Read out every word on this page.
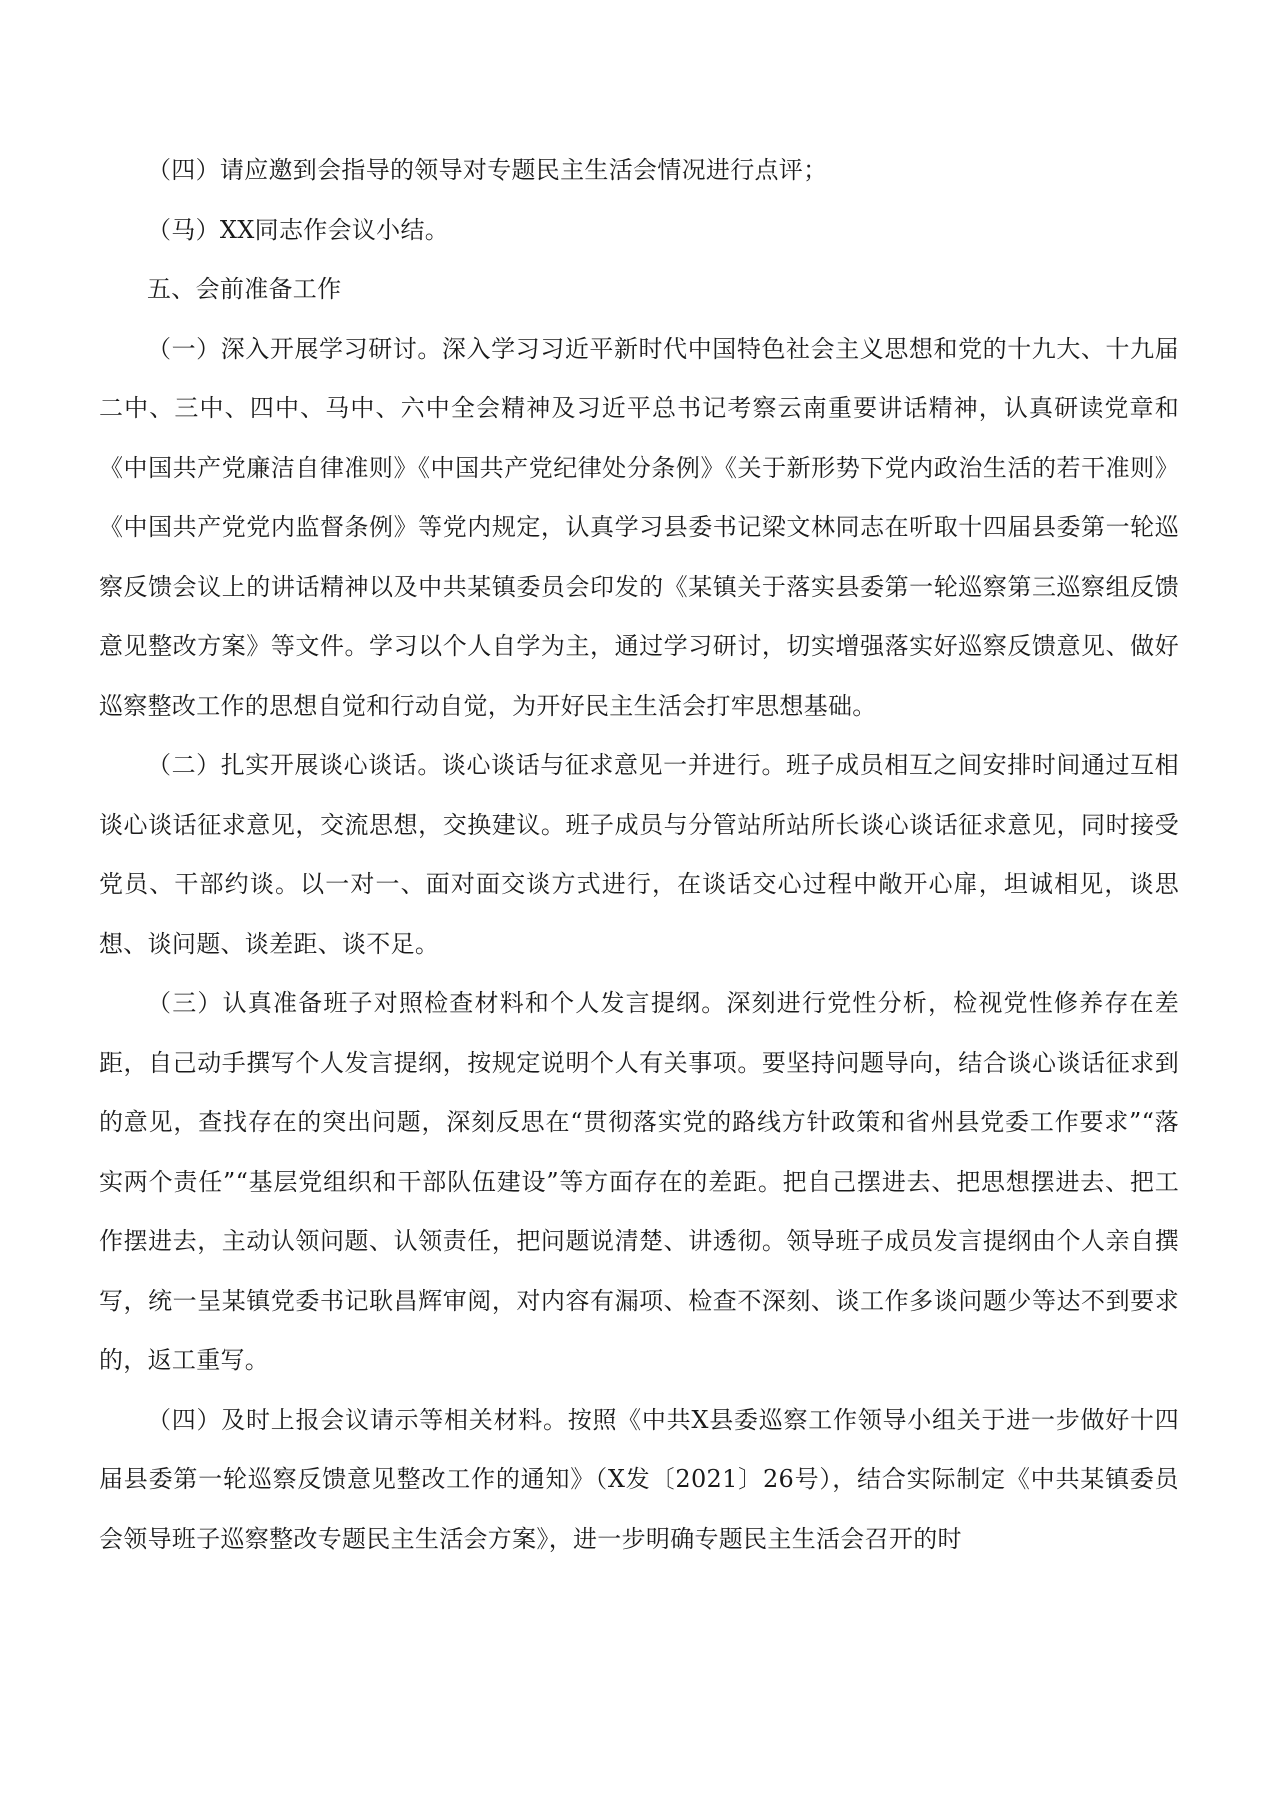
（四）请应邀到会指导的领导对专题民主生活会情况进行点评；

（马）XX同志作会议小结。

五、会前准备工作

（一）深入开展学习研讨。深入学习习近平新时代中国特色社会主义思想和党的十九大、十九届二中、三中、四中、马中、六中全会精神及习近平总书记考察云南重要讲话精神，认真研读党章和《中国共产党廉洁自律准则》《中国共产党纪律处分条例》《关于新形势下党内政治生活的若干准则》《中国共产党党内监督条例》等党内规定，认真学习县委书记梁文林同志在听取十四届县委第一轮巡察反馈会议上的讲话精神以及中共某镇委员会印发的《某镇关于落实县委第一轮巡察第三巡察组反馈意见整改方案》等文件。学习以个人自学为主，通过学习研讨，切实增强落实好巡察反馈意见、做好巡察整改工作的思想自觉和行动自觉，为开好民主生活会打牢思想基础。

（二）扎实开展谈心谈话。谈心谈话与征求意见一并进行。班子成员相互之间安排时间通过互相谈心谈话征求意见，交流思想，交换建议。班子成员与分管站所站所长谈心谈话征求意见，同时接受党员、干部约谈。以一对一、面对面交谈方式进行，在谈话交心过程中敞开心扉，坦诚相见，谈思想、谈问题、谈差距、谈不足。

（三）认真准备班子对照检查材料和个人发言提纲。深刻进行党性分析，检视党性修养存在差距，自己动手撰写个人发言提纲，按规定说明个人有关事项。要坚持问题导向，结合谈心谈话征求到的意见，查找存在的突出问题，深刻反思在“贯彻落实党的路线方针政策和省州县党委工作要求”“落实两个责任”“基层党组织和干部队伍建设”等方面存在的差距。把自己摆进去、把思想摆进去、把工作摆进去，主动认领问题、认领责任，把问题说清楚、讲透彻。领导班子成员发言提纲由个人亲自撰写，统一呈某镇党委书记耿昌辉审阅，对内容有漏项、检查不深刻、谈工作多谈问题少等达不到要求的，返工重写。

（四）及时上报会议请示等相关材料。按照《中共X县委巡察工作领导小组关于进一步做好十四届县委第一轮巡察反馈意见整改工作的通知》（X发〔2021〕26号），结合实际制定《中共某镇委员会领导班子巡察整改专题民主生活会方案》，进一步明确专题民主生活会召开的时
